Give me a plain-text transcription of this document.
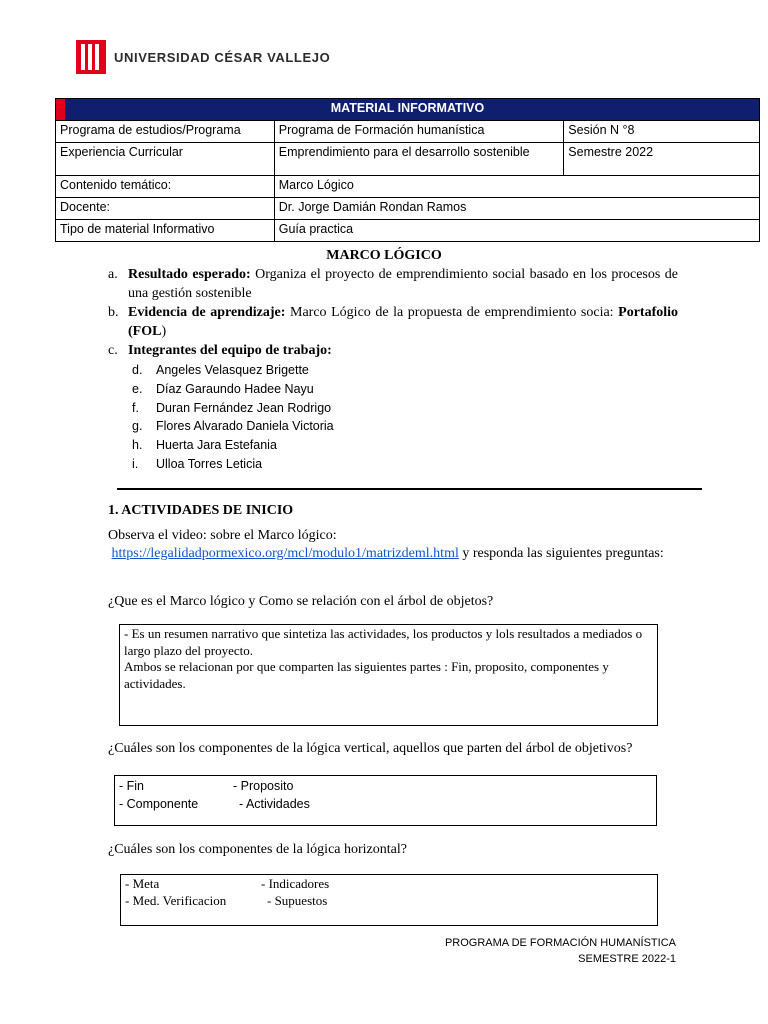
UNIVERSIDAD CÉSAR VALLEJO
MATERIAL INFORMATIVO		
Programa de estudios/Programa	Programa de Formación humanística	Sesión N °8
Experiencia Curricular	Emprendimiento para el desarrollo sostenible	Semestre 2022
Contenido temático:	Marco Lógico	
Docente:	Dr. Jorge Damián Rondan Ramos	
Tipo de material Informativo	Guía practica	
MARCO LÓGICO
a. Resultado esperado: Organiza el proyecto de emprendimiento social basado en los procesos de una gestión sostenible
b. Evidencia de aprendizaje: Marco Lógico de la propuesta de emprendimiento socia: Portafolio (FOL)
c. Integrantes del equipo de trabajo:
d. Angeles Velasquez Brigette
e. Díaz Garaundo Hadee Nayu
f. Duran Fernández Jean Rodrigo
g. Flores Alvarado Daniela Victoria
h. Huerta Jara Estefania
i. Ulloa Torres Leticia
1. ACTIVIDADES DE INICIO
Observa el video: sobre el Marco lógico:
https://legalidadpormexico.org/mcl/modulo1/matrizdeml.html y responda las siguientes preguntas:
¿Que es el Marco lógico y Como se relación con el árbol de objetos?

- Es un resumen narrativo que sintetiza las actividades, los productos y lols resultados a mediados o largo plazo del proyecto.

Ambos se relacionan por que comparten las siguientes partes : Fin, proposito, componentes y actividades.

¿Cuáles son los componentes de la lógica vertical, aquellos que parten del árbol de objetivos?
- Fin	- Proposito
- Componente	- Actividades
¿Cuáles son los componentes de la lógica horizontal?
- Meta	- Indicadores
- Med. Verificacion	- Supuestos
PROGRAMA DE FORMACIÓN HUMANÍSTICA
SEMESTRE 2022-1
